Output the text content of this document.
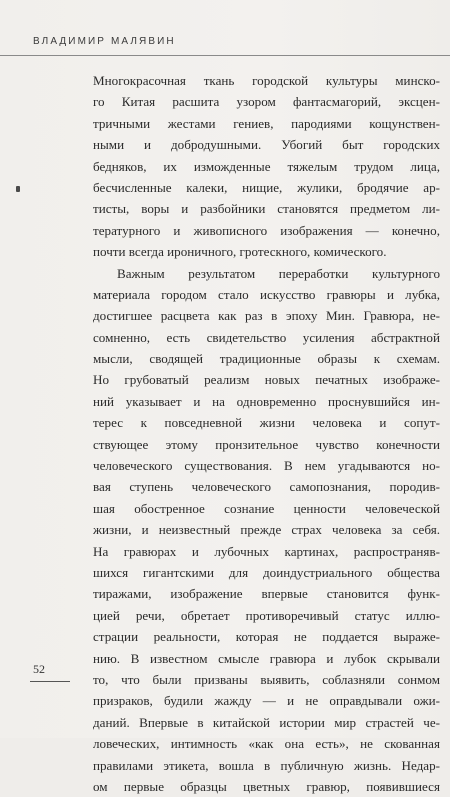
ВЛАДИМИР МАЛЯВИН

Многокрасочная ткань городской культуры минско-
го Китая расшита узором фантасмагорий, эксцен-
тричными жестами гениев, пародиями кощунствен-
ными и добродушными. Убогий быт городских
бедняков, их изможденные тяжелым трудом лица,
бесчисленные калеки, нищие, жулики, бродячие ар-
тисты, воры и разбойники становятся предметом ли-
тературного и живописного изображения — конечно,
почти всегда ироничного, гротескного, комического.

Важным результатом переработки культурного
материала городом стало искусство гравюры и лубка,
достигшее расцвета как раз в эпоху Мин. Гравюра, не-
сомненно, есть свидетельство усиления абстрактной
мысли, сводящей традиционные образы к схемам.
Но грубоватый реализм новых печатных изображе-
ний указывает и на одновременно проснувшийся ин-
терес к повседневной жизни человека и сопут-
ствующее этому пронзительное чувство конечности
человеческого существования. В нем угадываются но-
вая ступень человеческого самопознания, породив-
шая обостренное сознание ценности человеческой
жизни, и неизвестный прежде страх человека за себя.
На гравюрах и лубочных картинах, распространяв-
шихся гигантскими для доиндустриального общества
тиражами, изображение впервые становится функ-
цией речи, обретает противоречивый статус иллю-
страции реальности, которая не поддается выраже-
нию. В известном смысле гравюра и лубок скрывали
то, что были призваны выявить, соблазняли сонмом
призраков, будили жажду — и не оправдывали ожи-
даний. Впервые в китайской истории мир страстей че-
ловеческих, интимность «как она есть», не скованная
правилами этикета, вошла в публичную жизнь. Недар-
ом первые образцы цветных гравюр, появившиеся

52
